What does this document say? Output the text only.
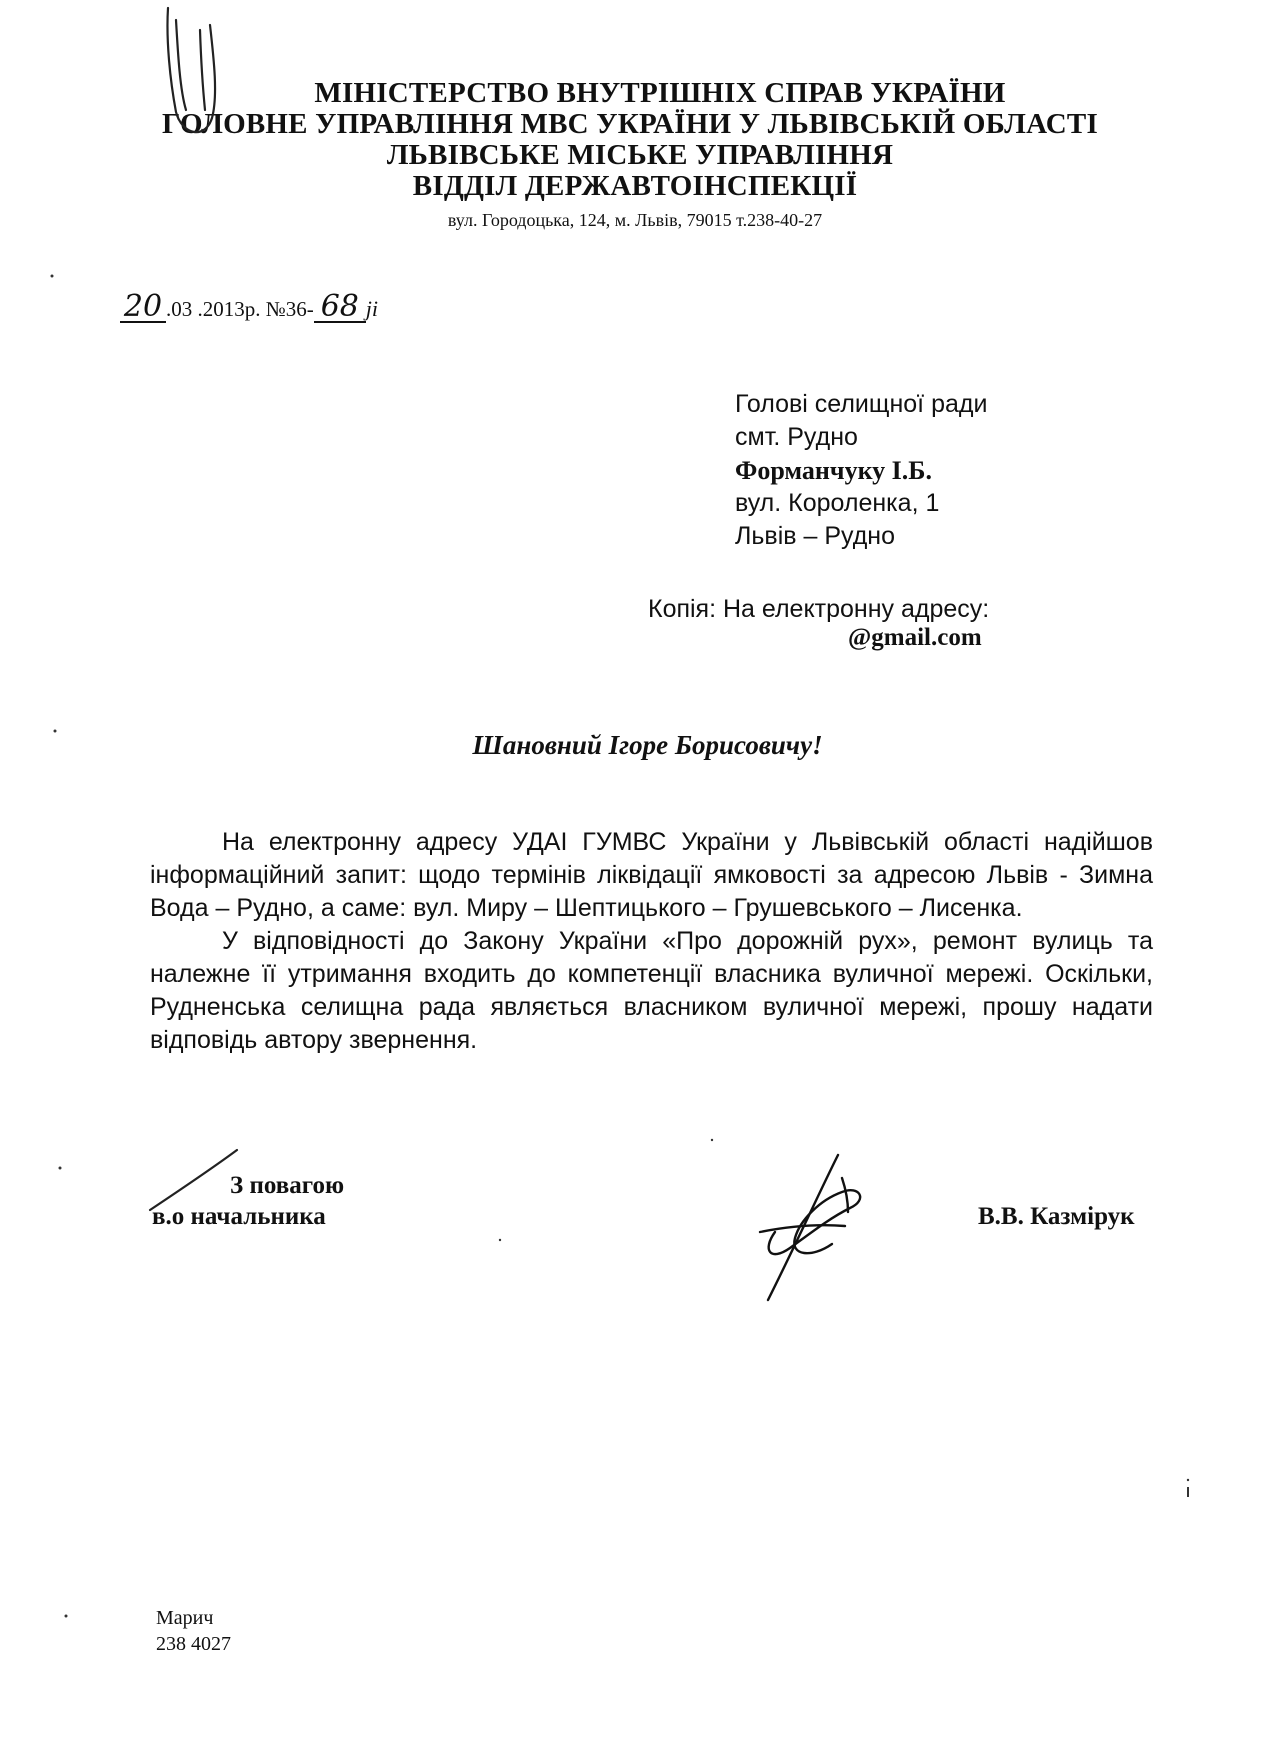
МІНІСТЕРСТВО ВНУТРІШНІХ СПРАВ УКРАЇНИ
ГОЛОВНЕ УПРАВЛІННЯ МВС УКРАЇНИ У ЛЬВІВСЬКІЙ ОБЛАСТІ
ЛЬВІВСЬКЕ МІСЬКЕ УПРАВЛІННЯ
ВІДДІЛ ДЕРЖАВТОІНСПЕКЦІЇ
вул. Городоцька, 124, м. Львів, 79015 т.238-40-27
20 .03 .2013р. №36- 68 ji
Голові селищної ради
смт. Рудно
Форманчуку І.Б.
вул. Короленка, 1
Львів – Рудно
Копія: На електронну адресу:
@gmail.com
Шановний Ігоре Борисовичу!

На електронну адресу УДАІ ГУМВС України у Львівській області надійшов інформаційний запит: щодо термінів ліквідації ямковості за адресою Львів - Зимна Вода – Рудно, а саме: вул. Миру – Шептицького – Грушевського – Лисенка.

У відповідності до Закону України «Про дорожній рух», ремонт вулиць та належне її утримання входить до компетенції власника вуличної мережі. Оскільки, Рудненська селищна рада являється власником вуличної мережі, прошу надати відповідь автору звернення.

З повагою
в.о начальника	В.В. Казмірук
Марич
238 4027
